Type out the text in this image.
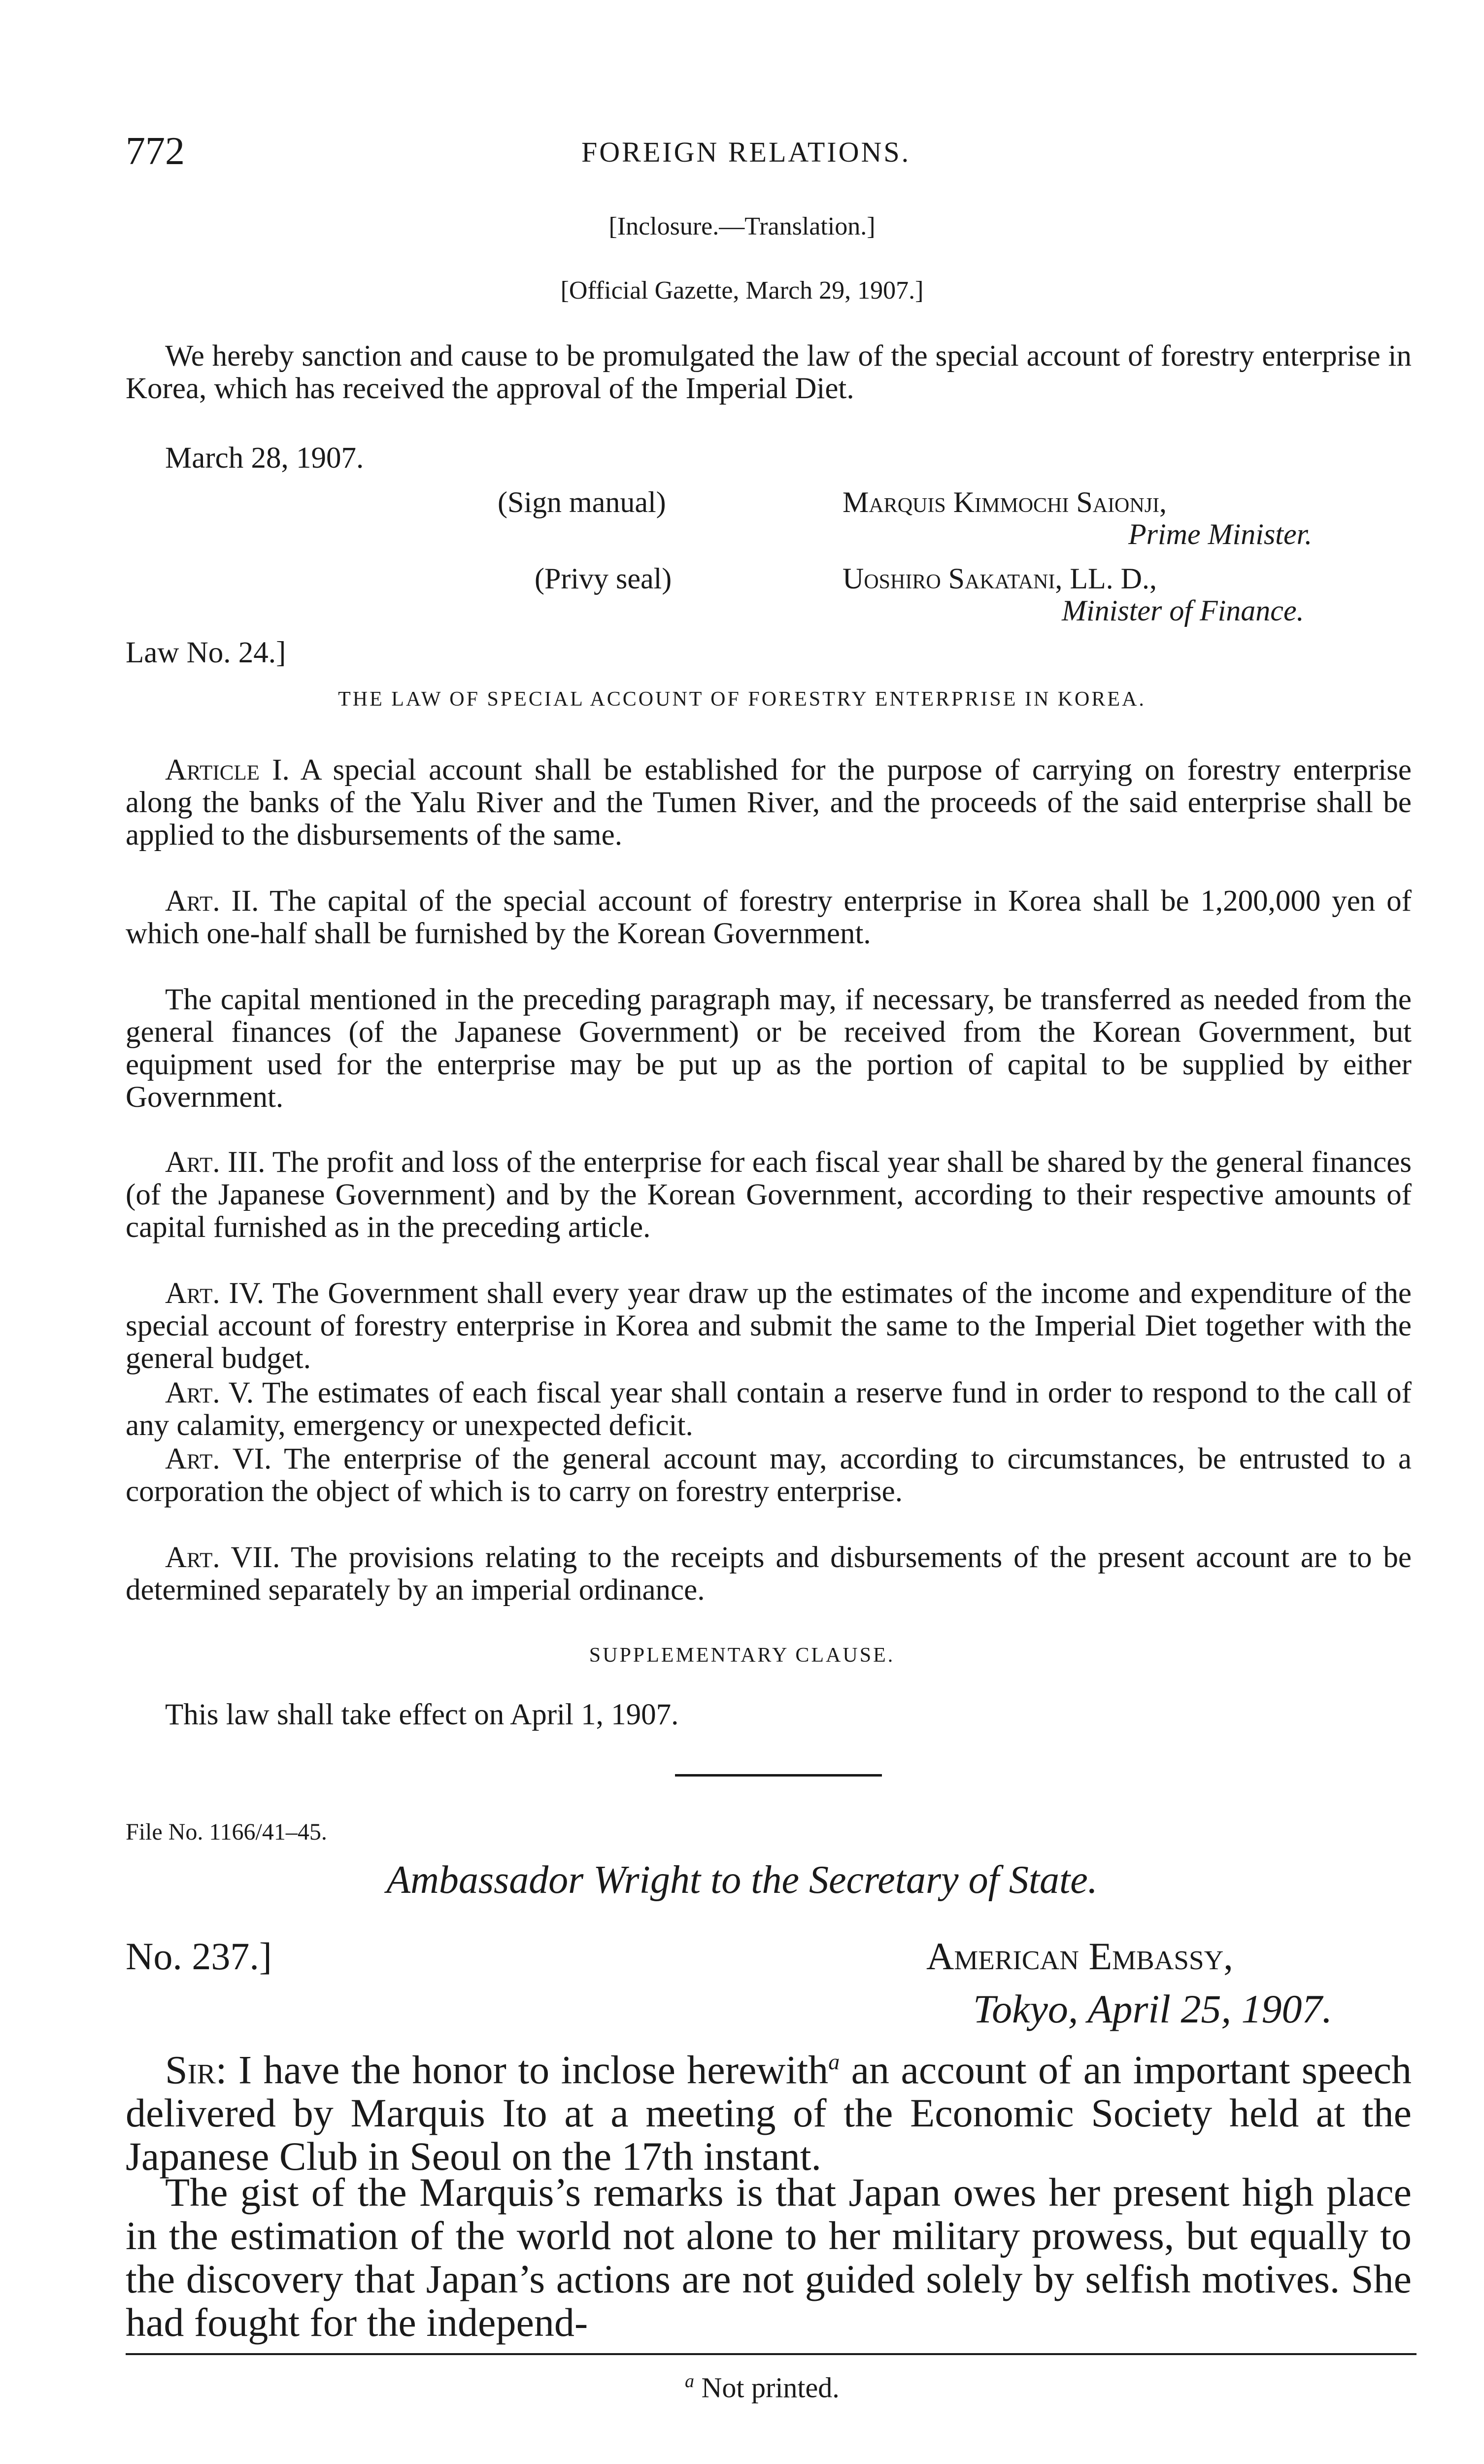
772	FOREIGN RELATIONS.
[Inclosure.—Translation.]
[Official Gazette, March 29, 1907.]

We hereby sanction and cause to be promulgated the law of the special account of forestry enterprise in Korea, which has received the approval of the Imperial Diet.

March 28, 1907.
(Sign manual)	Marquis Kimmochi Saionji,
Prime Minister.
(Privy seal)	Uoshiro Sakatani, LL. D.,
Minister of Finance.
Law No. 24.]
THE LAW OF SPECIAL ACCOUNT OF FORESTRY ENTERPRISE IN KOREA.

Article I. A special account shall be established for the purpose of carrying on forestry enterprise along the banks of the Yalu River and the Tumen River, and the proceeds of the said enterprise shall be applied to the disbursements of the same.

Art. II. The capital of the special account of forestry enterprise in Korea shall be 1,200,000 yen of which one-half shall be furnished by the Korean Government.

The capital mentioned in the preceding paragraph may, if necessary, be transferred as needed from the general finances (of the Japanese Government) or be received from the Korean Government, but equipment used for the enterprise may be put up as the portion of capital to be supplied by either Government.

Art. III. The profit and loss of the enterprise for each fiscal year shall be shared by the general finances (of the Japanese Government) and by the Korean Government, according to their respective amounts of capital furnished as in the preceding article.

Art. IV. The Government shall every year draw up the estimates of the income and expenditure of the special account of forestry enterprise in Korea and submit the same to the Imperial Diet together with the general budget.

Art. V. The estimates of each fiscal year shall contain a reserve fund in order to respond to the call of any calamity, emergency or unexpected deficit.

Art. VI. The enterprise of the general account may, according to circumstances, be entrusted to a corporation the object of which is to carry on forestry enterprise.

Art. VII. The provisions relating to the receipts and disbursements of the present account are to be determined separately by an imperial ordinance.

SUPPLEMENTARY CLAUSE.
This law shall take effect on April 1, 1907.
File No. 1166/41–45.
Ambassador Wright to the Secretary of State.
No. 237.]	American Embassy,
Tokyo, April 25, 1907.

Sir: I have the honor to inclose herewith$^a$ an account of an important speech delivered by Marquis Ito at a meeting of the Economic Society held at the Japanese Club in Seoul on the 17th instant.

The gist of the Marquis’s remarks is that Japan owes her present high place in the estimation of the world not alone to her military prowess, but equally to the discovery that Japan’s actions are not guided solely by selfish motives. She had fought for the independ-

$^a$ Not printed.
